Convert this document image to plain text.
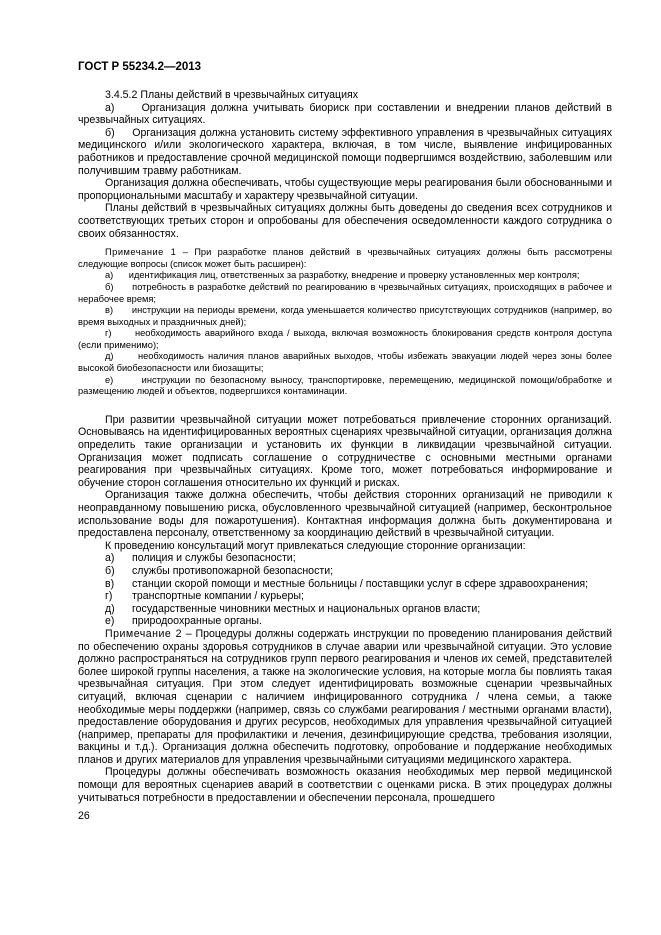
ГОСТ Р 55234.2—2013

3.4.5.2 Планы действий в чрезвычайных ситуациях

а)     Организация должна учитывать биориск при составлении и внедрении планов действий в чрезвычайных ситуациях.

б)     Организация должна установить систему эффективного управления в чрезвычайных ситуациях медицинского и/или экологического характера, включая, в том числе, выявление инфицированных работников и предоставление срочной медицинской помощи подвергшимся воздействию, заболевшим или получившим травму работникам.

Организация должна обеспечивать, чтобы существующие меры реагирования были обоснованными и пропорциональными масштабу и характеру чрезвычайной ситуации.

Планы действий в чрезвычайных ситуациях должны быть доведены до сведения всех сотрудников и соответствующих третьих сторон и опробованы для обеспечения осведомленности каждого сотрудника о своих обязанностях.

Примечание 1 – При разработке планов действий в чрезвычайных ситуациях должны быть рассмотрены следующие вопросы (список может быть расширен):

а)      идентификация лиц, ответственных за разработку, внедрение и проверку установленных мер контроля;

б)      потребность в разработке действий по реагированию в чрезвычайных ситуациях, происходящих в рабочее и нерабочее время;

в)      инструкции на периоды времени, когда уменьшается количество присутствующих сотрудников (например, во время выходных и праздничных дней);

г)      необходимость аварийного входа / выхода, включая возможность блокирования средств контроля доступа (если применимо);

д)      необходимость наличия планов аварийных выходов, чтобы избежать эвакуации людей через зоны более высокой биобезопасности или биозащиты;

е)      инструкции по безопасному выносу, транспортировке, перемещению, медицинской помощи/обработке и размещению людей и объектов, подвергшихся контаминации.

При развитии чрезвычайной ситуации может потребоваться привлечение сторонних организаций. Основываясь на идентифицированных вероятных сценариях чрезвычайной ситуации, организация должна определить такие организации и установить их функции в ликвидации чрезвычайной ситуации. Организация может подписать соглашение о сотрудничестве с основными местными органами реагирования при чрезвычайных ситуациях. Кроме того, может потребоваться информирование и обучение сторон соглашения относительно их функций и рисках.

Организация также должна обеспечить, чтобы действия сторонних организаций не приводили к неоправданному повышению риска, обусловленного чрезвычайной ситуацией (например, бесконтрольное использование воды для пожаротушения). Контактная информация должна быть документирована и предоставлена персоналу, ответственному за координацию действий в чрезвычайной ситуации.

К проведению консультаций могут привлекаться следующие сторонние организации:

а)	полиция и службы безопасности;
б)	службы противопожарной безопасности;
в)	станции скорой помощи и местные больницы / поставщики услуг в сфере здравоохранения;
г)	транспортные компании / курьеры;
д)	государственные чиновники местных и национальных органов власти;
е)	природоохранные органы.

Примечание 2 – Процедуры должны содержать инструкции по проведению планирования действий по обеспечению охраны здоровья сотрудников в случае аварии или чрезвычайной ситуации. Это условие должно распространяться на сотрудников групп первого реагирования и членов их семей, представителей более широкой группы населения, а также на экологические условия, на которые могла бы повлиять такая чрезвычайная ситуация. При этом следует идентифицировать возможные сценарии чрезвычайных ситуаций, включая сценарии с наличием инфицированного сотрудника / члена семьи, а также необходимые меры поддержки (например, связь со службами реагирования / местными органами власти), предоставление оборудования и других ресурсов, необходимых для управления чрезвычайной ситуацией (например, препараты для профилактики и лечения, дезинфицирующие средства, требования изоляции, вакцины и т.д.). Организация должна обеспечить подготовку, опробование и поддержание необходимых планов и других материалов для управления чрезвычайными ситуациями медицинского характера.

Процедуры должны обеспечивать возможность оказания необходимых мер первой медицинской помощи для вероятных сценариев аварий в соответствии с оценками риска. В этих процедурах должны учитываться потребности в предоставлении и обеспечении персонала, прошедшего

26
